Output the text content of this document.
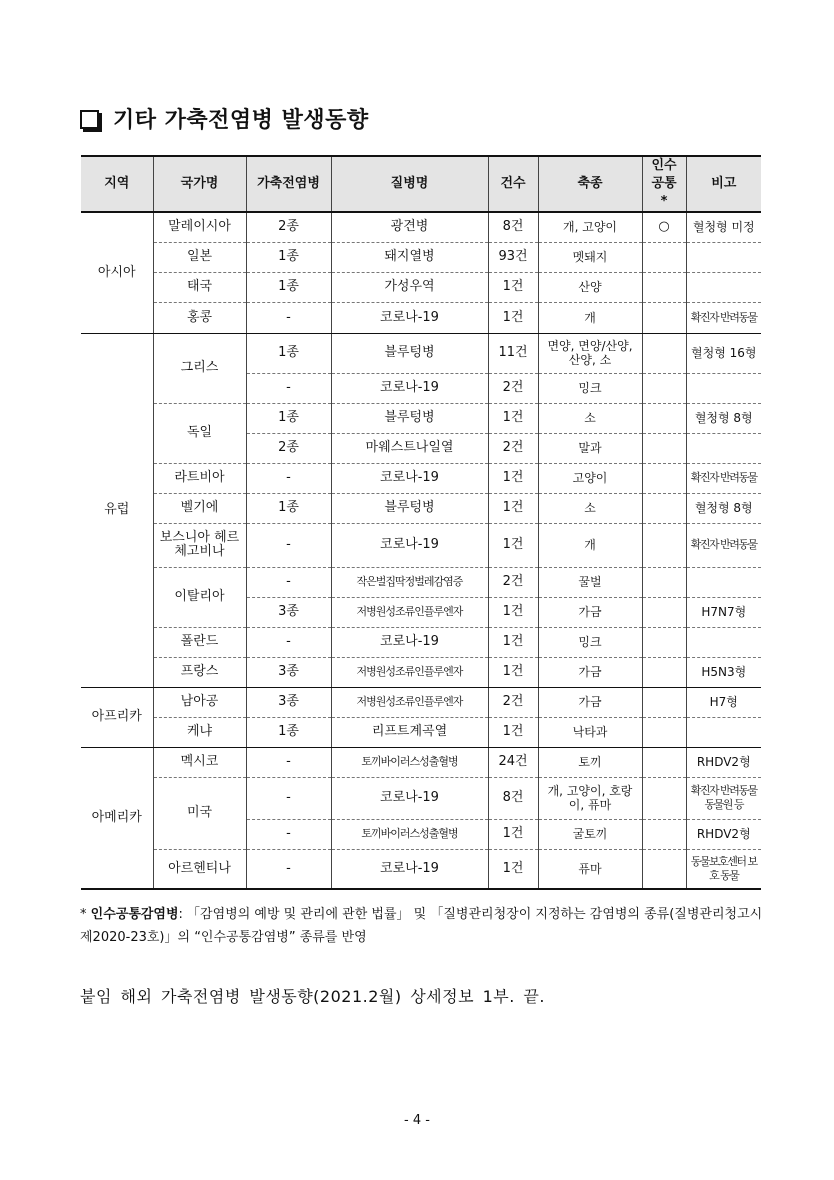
기타 가축전염병 발생동향
지역	국가명	가축전염병	질병명	건수	축종	인수공통*	비고
아시아	말레이시아	2종	광견병	8건	개, 고양이	○	혈청형 미정
	일본	1종	돼지열병	93건	멧돼지		
	태국	1종	가성우역	1건	산양		
	홍콩	-	코로나-19	1건	개		확진자 반려동물
유럽	그리스	1종	블루텅병	11건	면양, 면양/산양, 산양, 소		혈청형 16형
		-	코로나-19	2건	밍크		
	독일	1종	블루텅병	1건	소		혈청형 8형
		2종	마웨스트나일열	2건	말과		
	라트비아	-	코로나-19	1건	고양이		확진자 반려동물
	벨기에	1종	블루텅병	1건	소		혈청형 8형
	보스니아 헤르체고비나	-	코로나-19	1건	개		확진자 반려동물
	이탈리아	-	작은벌집딱정벌레감염증	2건	꿀벌		
		3종	저병원성조류인플루엔자	1건	가금		H7N7형
	폴란드	-	코로나-19	1건	밍크		
	프랑스	3종	저병원성조류인플루엔자	1건	가금		H5N3형
아프리카	남아공	3종	저병원성조류인플루엔자	2건	가금		H7형
	케냐	1종	리프트계곡열	1건	낙타과		
아메리카	멕시코	-	토끼바이러스성출혈병	24건	토끼		RHDV2형
	미국	-	코로나-19	8건	개, 고양이, 호랑이, 퓨마		확진자 반려동물 동물원 등
		-	토끼바이러스성출혈병	1건	굴토끼		RHDV2형
	아르헨티나	-	코로나-19	1건	퓨마		동물보호센터 보호 동물
* 인수공통감염병: 「감염병의 예방 및 관리에 관한 법률」 및 「질병관리청장이 지정하는 감염병의 종류(질병관리청고시 제2020-23호)」의 “인수공통감염병” 종류를 반영
붙임 해외 가축전염병 발생동향(2021.2월) 상세정보 1부. 끝.
- 4 -
